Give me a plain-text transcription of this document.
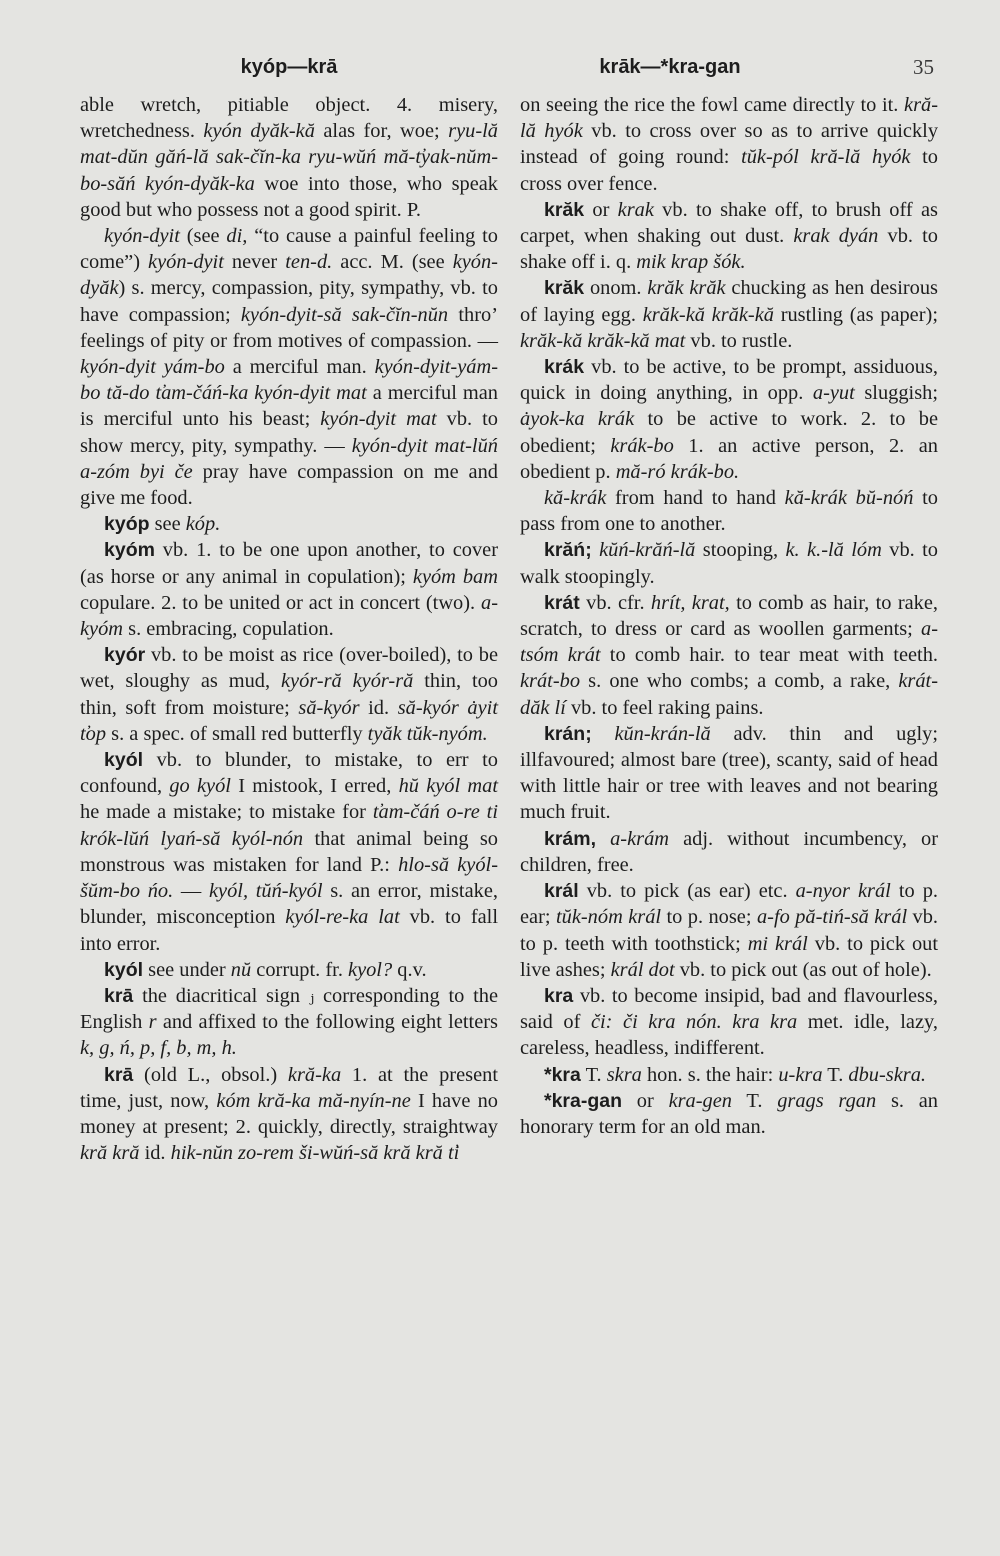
kyóp—krā	krāk—*kra-gan	35

able wretch, pitiable object. 4. misery, wretchedness. kyón dyăk-kă alas for, woe; ryu-lă mat-dŭn găń-lă sak-čĭn-ka ryu-wŭń mă-t̕yak-nŭm-bo-săń kyón-dyăk-ka woe into those, who speak good but who possess not a good spirit. P.

kyón-dyit (see di, “to cause a painful feeling to come”) kyón-dyit never ten-d. acc. M. (see kyón-dyăk) s. mercy, compassion, pity, sympathy, vb. to have compassion; kyón-dyit-să sak-čĭn-nŭn thro’ feelings of pity or from motives of compassion. — kyón-dyit yám-bo a merciful man. kyón-dyit-yám-bo tă-do t̕am-čáń-ka kyón-dyit mat a merciful man is merciful unto his beast; kyón-dyit mat vb. to show mercy, pity, sympathy. — kyón-dyit mat-lŭń a-zóm byi če pray have compassion on me and give me food.

kyóp see kóp.

kyóm vb. 1. to be one upon another, to cover (as horse or any animal in copulation); kyóm bam copulare. 2. to be united or act in concert (two). a-kyóm s. embracing, copulation.

kyór vb. to be moist as rice (over-boiled), to be wet, sloughy as mud, kyór-ră kyór-ră thin, too thin, soft from moisture; să-kyór id. să-kyór ȧyit t̕op s. a spec. of small red butterfly tyăk tŭk-nyóm.

kyól vb. to blunder, to mistake, to err to confound, go kyól I mistook, I erred, hŭ kyól mat he made a mistake; to mistake for t̕am-čáń o-re ti krók-lŭń lyań-să kyól-nón that animal being so monstrous was mistaken for land P.: hlo-să kyól-šŭm-bo ńo. — kyól, tŭń-kyól s. an error, mistake, blunder, misconception kyól-re-ka lat vb. to fall into error.

kyól see under nŭ corrupt. fr. kyol? q.v.

krā the diacritical sign ⱼ corresponding to the English r and affixed to the following eight letters k, g, ń, p, f, b, m, h.

krā (old L., obsol.) kră-ka 1. at the present time, just, now, kóm kră-ka mă-nyín-ne I have no money at present; 2. quickly, directly, straightway kră kră id. hik-nŭn zo-rem ši-wŭń-să kră kră t̕i

on seeing the rice the fowl came directly to it. kră-lă hyók vb. to cross over so as to arrive quickly instead of going round: tŭk-pól kră-lă hyók to cross over fence.

krăk or krak vb. to shake off, to brush off as carpet, when shaking out dust. krak dyán vb. to shake off i. q. mik krap šók.

krăk onom. krăk krăk chucking as hen desirous of laying egg. krăk-kă krăk-kă rustling (as paper); krăk-kă krăk-kă mat vb. to rustle.

krák vb. to be active, to be prompt, assiduous, quick in doing anything, in opp. a-yut sluggish; ȧyok-ka krák to be active to work. 2. to be obedient; krák-bo 1. an active person, 2. an obedient p. mă-ró krák-bo.

kă-krák from hand to hand kă-krák bŭ-nóń to pass from one to another.

krăń; kŭń-krăń-lă stooping, k. k.-lă lóm vb. to walk stoopingly.

krát vb. cfr. hrít, krat, to comb as hair, to rake, scratch, to dress or card as woollen garments; a-tsóm krát to comb hair. to tear meat with teeth. krát-bo s. one who combs; a comb, a rake, krát-dăk lí vb. to feel raking pains.

krán; kŭn-krán-lă adv. thin and ugly; illfavoured; almost bare (tree), scanty, said of head with little hair or tree with leaves and not bearing much fruit.

krám, a-krám adj. without incumbency, or children, free.

král vb. to pick (as ear) etc. a-nyor král to p. ear; tŭk-nóm král to p. nose; a-fo pă-tiń-să král vb. to p. teeth with toothstick; mi král vb. to pick out live ashes; král dot vb. to pick out (as out of hole).

kra vb. to become insipid, bad and flavourless, said of či: či kra nón. kra kra met. idle, lazy, careless, headless, indifferent.

*kra T. skra hon. s. the hair: u-kra T. dbu-skra.

*kra-gan or kra-gen T. grags rgan s. an honorary term for an old man.
